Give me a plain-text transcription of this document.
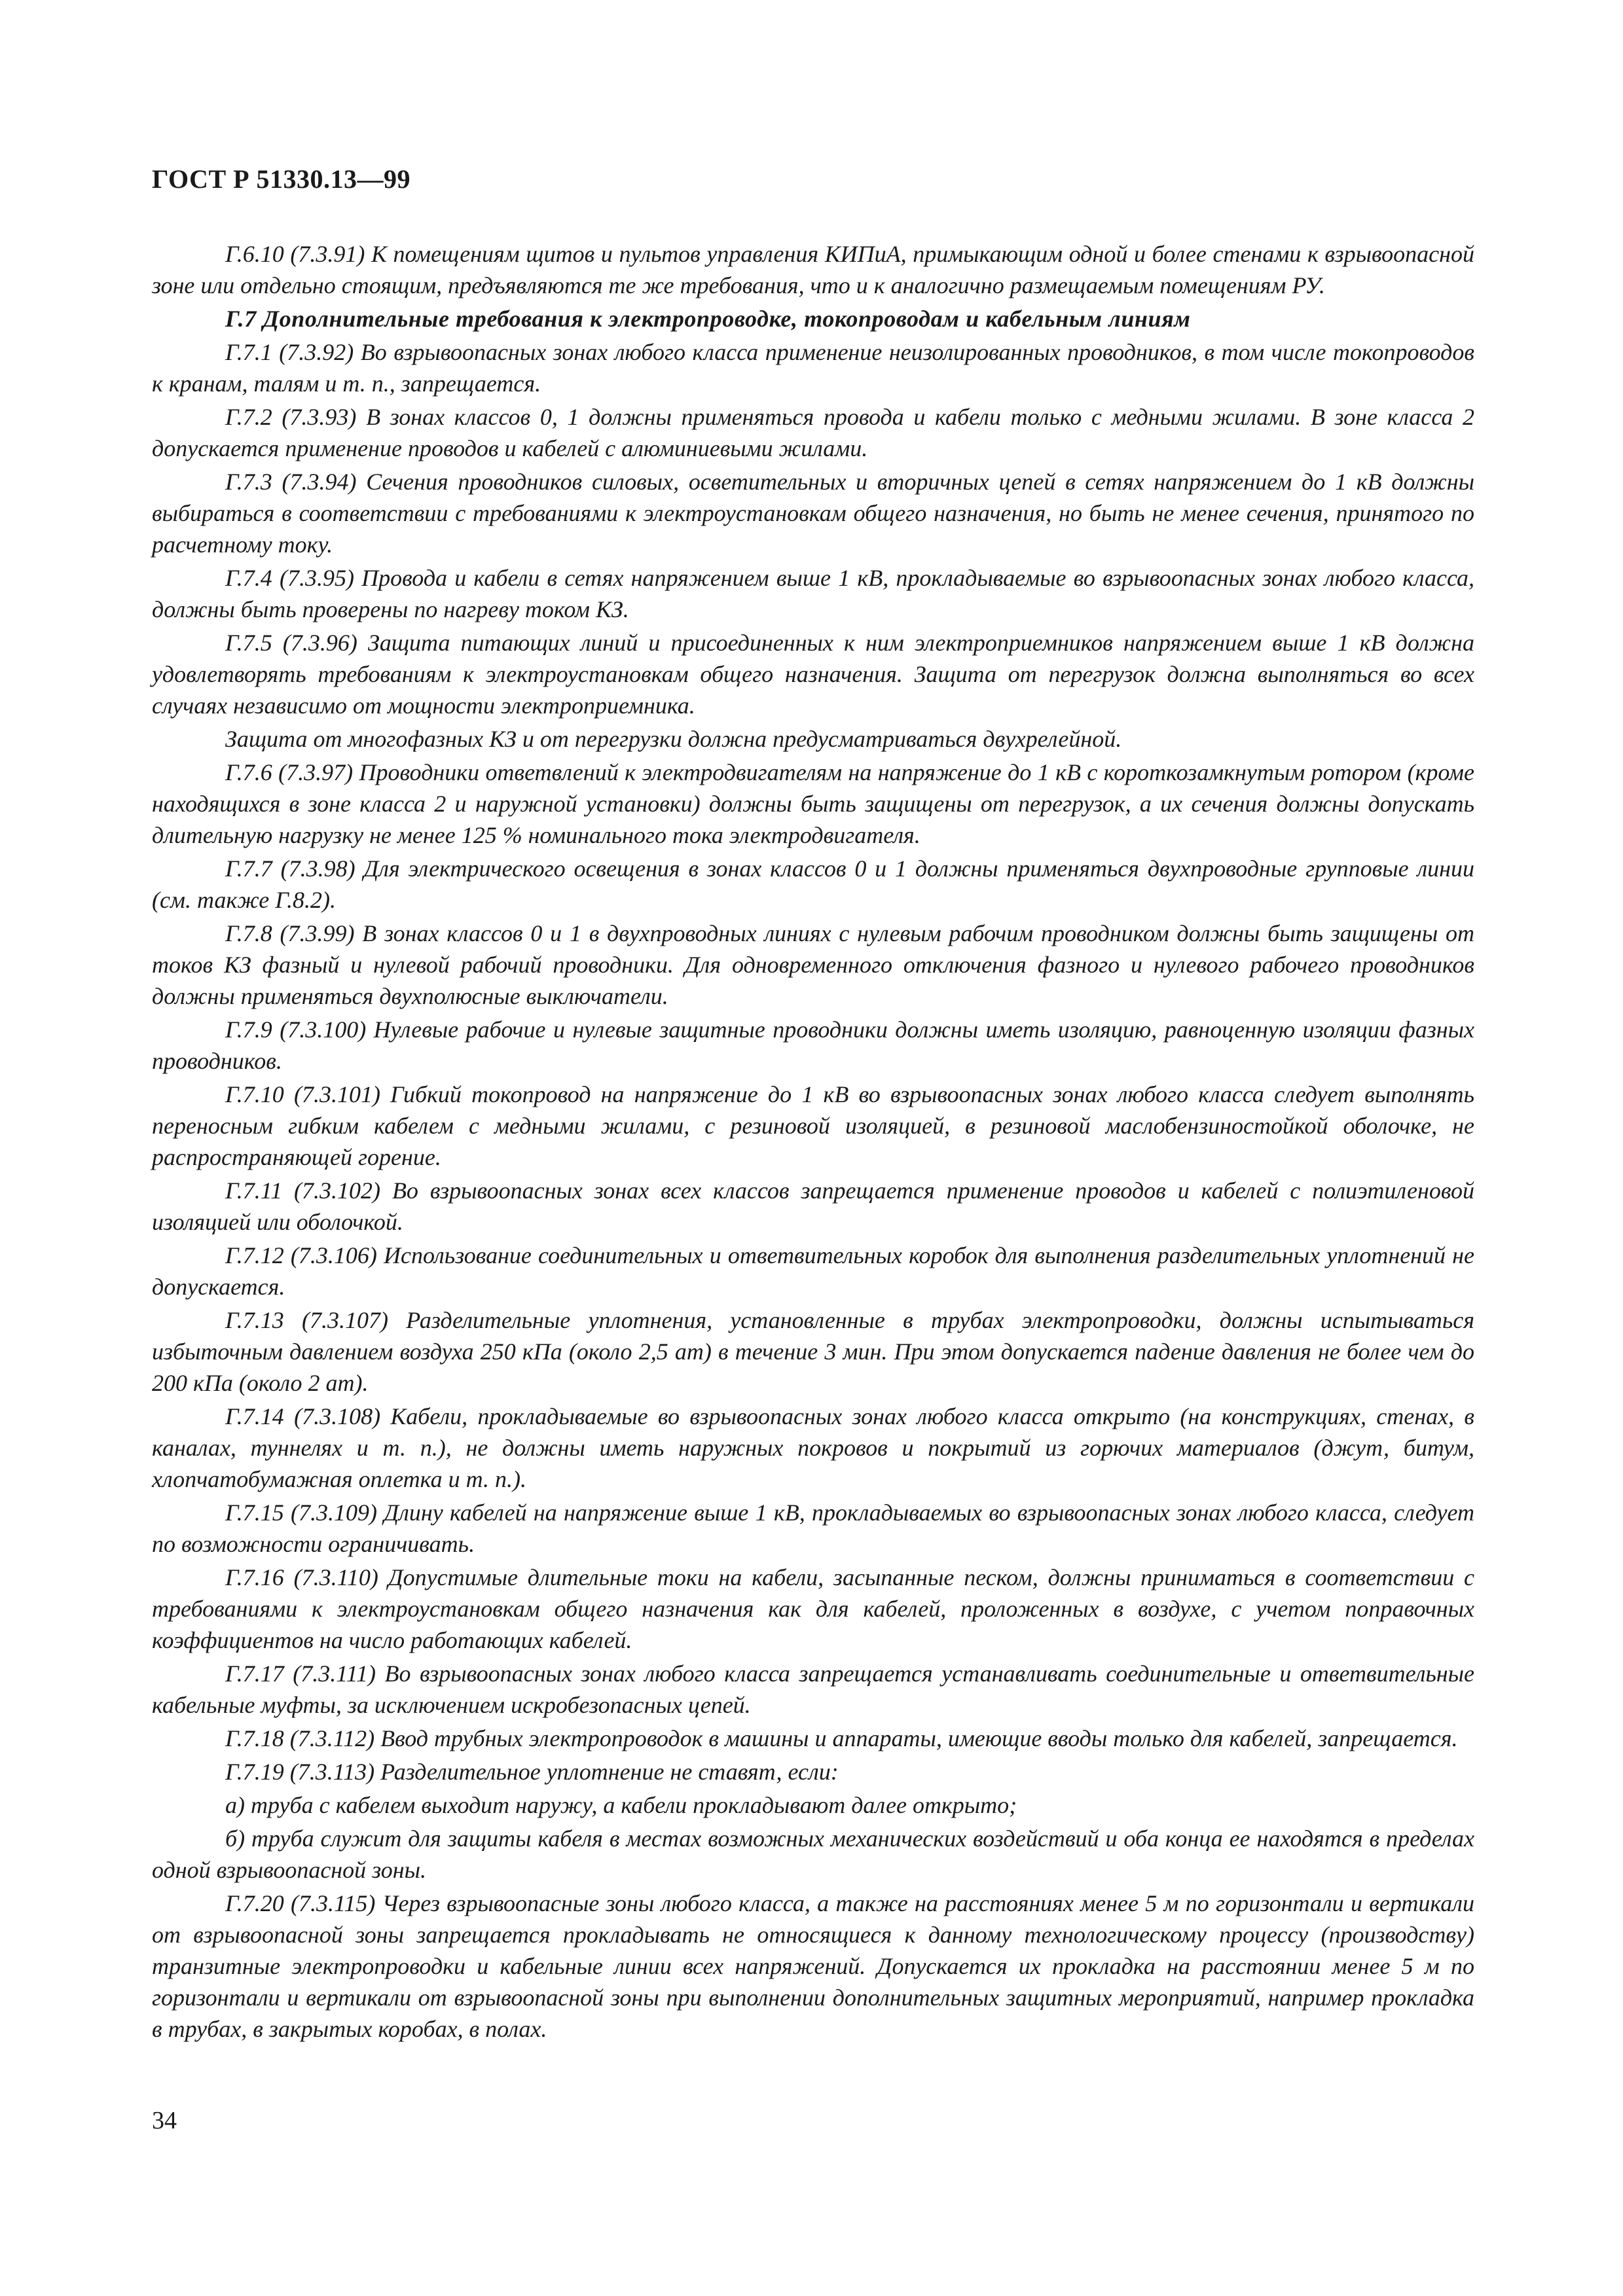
ГОСТ Р 51330.13—99

Г.6.10 (7.3.91) К помещениям щитов и пультов управления КИПиА, примыкающим одной и более стенами к взрывоопасной зоне или отдельно стоящим, предъявляются те же требования, что и к аналогично размещаемым помещениям РУ.

Г.7 Дополнительные требования к электропроводке, токопроводам и кабельным линиям

Г.7.1 (7.3.92) Во взрывоопасных зонах любого класса применение неизолированных проводников, в том числе токопроводов к кранам, талям и т. п., запрещается.

Г.7.2 (7.3.93) В зонах классов 0, 1 должны применяться провода и кабели только с медными жилами. В зоне класса 2 допускается применение проводов и кабелей с алюминиевыми жилами.

Г.7.3 (7.3.94) Сечения проводников силовых, осветительных и вторичных цепей в сетях напряжением до 1 кВ должны выбираться в соответствии с требованиями к электроустановкам общего назначения, но быть не менее сечения, принятого по расчетному току.

Г.7.4 (7.3.95) Провода и кабели в сетях напряжением выше 1 кВ, прокладываемые во взрывоопасных зонах любого класса, должны быть проверены по нагреву током КЗ.

Г.7.5 (7.3.96) Защита питающих линий и присоединенных к ним электроприемников напряжением выше 1 кВ должна удовлетворять требованиям к электроустановкам общего назначения. Защита от перегрузок должна выполняться во всех случаях независимо от мощности электроприемника.

Защита от многофазных КЗ и от перегрузки должна предусматриваться двухрелейной.

Г.7.6 (7.3.97) Проводники ответвлений к электродвигателям на напряжение до 1 кВ с короткозамкнутым ротором (кроме находящихся в зоне класса 2 и наружной установки) должны быть защищены от перегрузок, а их сечения должны допускать длительную нагрузку не менее 125 % номинального тока электродвигателя.

Г.7.7 (7.3.98) Для электрического освещения в зонах классов 0 и 1 должны применяться двухпроводные групповые линии (см. также Г.8.2).

Г.7.8 (7.3.99) В зонах классов 0 и 1 в двухпроводных линиях с нулевым рабочим проводником должны быть защищены от токов КЗ фазный и нулевой рабочий проводники. Для одновременного отключения фазного и нулевого рабочего проводников должны применяться двухполюсные выключатели.

Г.7.9 (7.3.100) Нулевые рабочие и нулевые защитные проводники должны иметь изоляцию, равноценную изоляции фазных проводников.

Г.7.10 (7.3.101) Гибкий токопровод на напряжение до 1 кВ во взрывоопасных зонах любого класса следует выполнять переносным гибким кабелем с медными жилами, с резиновой изоляцией, в резиновой маслобензиностойкой оболочке, не распространяющей горение.

Г.7.11 (7.3.102) Во взрывоопасных зонах всех классов запрещается применение проводов и кабелей с полиэтиленовой изоляцией или оболочкой.

Г.7.12 (7.3.106) Использование соединительных и ответвительных коробок для выполнения разделительных уплотнений не допускается.

Г.7.13 (7.3.107) Разделительные уплотнения, установленные в трубах электропроводки, должны испытываться избыточным давлением воздуха 250 кПа (около 2,5 ат) в течение 3 мин. При этом допускается падение давления не более чем до 200 кПа (около 2 ат).

Г.7.14 (7.3.108) Кабели, прокладываемые во взрывоопасных зонах любого класса открыто (на конструкциях, стенах, в каналах, туннелях и т. п.), не должны иметь наружных покровов и покрытий из горючих материалов (джут, битум, хлопчатобумажная оплетка и т. п.).

Г.7.15 (7.3.109) Длину кабелей на напряжение выше 1 кВ, прокладываемых во взрывоопасных зонах любого класса, следует по возможности ограничивать.

Г.7.16 (7.3.110) Допустимые длительные токи на кабели, засыпанные песком, должны приниматься в соответствии с требованиями к электроустановкам общего назначения как для кабелей, проложенных в воздухе, с учетом поправочных коэффициентов на число работающих кабелей.

Г.7.17 (7.3.111) Во взрывоопасных зонах любого класса запрещается устанавливать соединительные и ответвительные кабельные муфты, за исключением искробезопасных цепей.

Г.7.18 (7.3.112) Ввод трубных электропроводок в машины и аппараты, имеющие вводы только для кабелей, запрещается.

Г.7.19 (7.3.113) Разделительное уплотнение не ставят, если:

а) труба с кабелем выходит наружу, а кабели прокладывают далее открыто;

б) труба служит для защиты кабеля в местах возможных механических воздействий и оба конца ее находятся в пределах одной взрывоопасной зоны.

Г.7.20 (7.3.115) Через взрывоопасные зоны любого класса, а также на расстояниях менее 5 м по горизонтали и вертикали от взрывоопасной зоны запрещается прокладывать не относящиеся к данному технологическому процессу (производству) транзитные электропроводки и кабельные линии всех напряжений. Допускается их прокладка на расстоянии менее 5 м по горизонтали и вертикали от взрывоопасной зоны при выполнении дополнительных защитных мероприятий, например прокладка в трубах, в закрытых коробах, в полах.

34
